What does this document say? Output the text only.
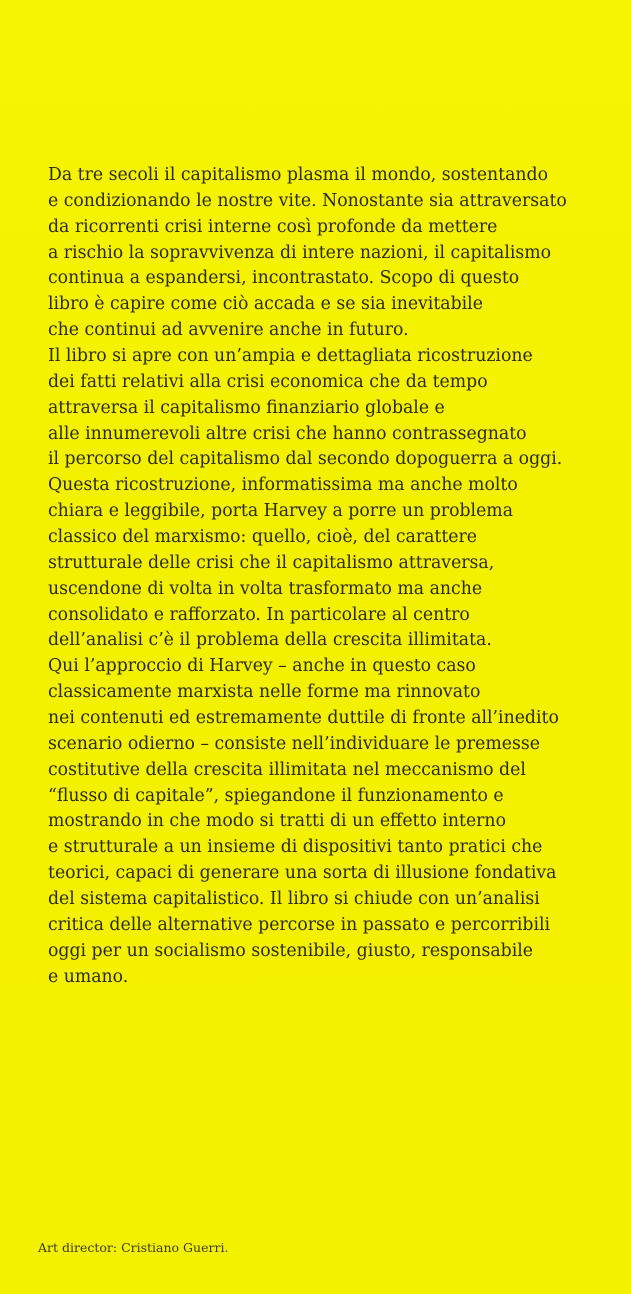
Da tre secoli il capitalismo plasma il mondo, sostentando
e condizionando le nostre vite. Nonostante sia attraversato
da ricorrenti crisi interne così profonde da mettere
a rischio la sopravvivenza di intere nazioni, il capitalismo
continua a espandersi, incontrastato. Scopo di questo
libro è capire come ciò accada e se sia inevitabile
che continui ad avvenire anche in futuro.
Il libro si apre con un’ampia e dettagliata ricostruzione
dei fatti relativi alla crisi economica che da tempo
attraversa il capitalismo finanziario globale e
alle innumerevoli altre crisi che hanno contrassegnato
il percorso del capitalismo dal secondo dopoguerra a oggi.
Questa ricostruzione, informatissima ma anche molto
chiara e leggibile, porta Harvey a porre un problema
classico del marxismo: quello, cioè, del carattere
strutturale delle crisi che il capitalismo attraversa,
uscendone di volta in volta trasformato ma anche
consolidato e rafforzato. In particolare al centro
dell’analisi c’è il problema della crescita illimitata.
Qui l’approccio di Harvey – anche in questo caso
classicamente marxista nelle forme ma rinnovato
nei contenuti ed estremamente duttile di fronte all’inedito
scenario odierno – consiste nell’individuare le premesse
costitutive della crescita illimitata nel meccanismo del
“flusso di capitale”, spiegandone il funzionamento e
mostrando in che modo si tratti di un effetto interno
e strutturale a un insieme di dispositivi tanto pratici che
teorici, capaci di generare una sorta di illusione fondativa
del sistema capitalistico. Il libro si chiude con un’analisi
critica delle alternative percorse in passato e percorribili
oggi per un socialismo sostenibile, giusto, responsabile
e umano.
Art director: Cristiano Guerri.
